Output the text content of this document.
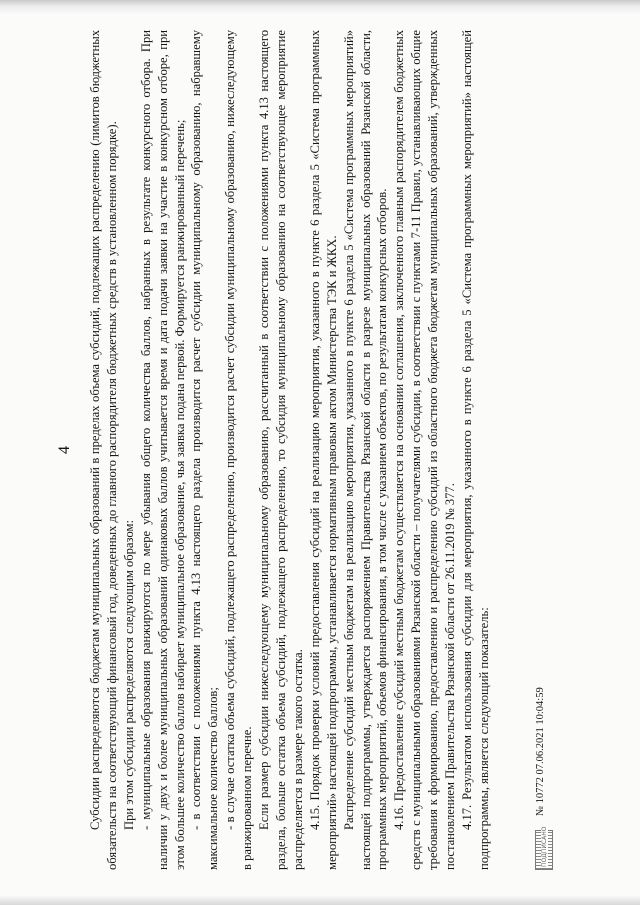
4 Субсидии распределяются бюджетам муниципальных образований в пределах объема субсидий, подлежащих распределению (лимитов бюджетных обязательств на соответствующий финансовый год, доведенных до главного распорядителя бюджетных средств в установленном порядке). При этом субсидии распределяются следующим образом: - муниципальные образования ранжируются по мере убывания общего количества баллов, набранных в результате конкурсного отбора. При наличии у двух и более муниципальных образований одинаковых баллов учитывается время и дата подачи заявки на участие в конкурсном отборе, при этом большее количество баллов набирает муниципальное образование, чья заявка подана первой. Формируется ранжированный перечень; - в соответствии с положениями пункта 4.13 настоящего раздела производится расчет субсидии муниципальному образованию, набравшему максимальное количество баллов; - в случае остатка объема субсидий, подлежащего распределению, производится расчет субсидии муниципальному образованию, нижеследующему в ранжированном перечне. Если размер субсидии нижеследующему муниципальному образованию, рассчитанный в соответствии с положениями пункта 4.13 настоящего раздела, больше остатка объема субсидий, подлежащего распределению, то субсидия муниципальному образованию на соответствующее мероприятие распределяется в размере такого остатка. 4.15. Порядок проверки условий предоставления субсидий на реализацию мероприятия, указанного в пункте 6 раздела 5 «Система программных мероприятий» настоящей подпрограммы, устанавливается нормативным правовым актом Министерства ТЭК и ЖКХ. Распределение субсидий местным бюджетам на реализацию мероприятия, указанного в пункте 6 раздела 5 «Система программных мероприятий» настоящей подпрограммы, утверждается распоряжением Правительства Рязанской области в разрезе муниципальных образований Рязанской области, программных мероприятий, объемов финансирования, в том числе с указанием объектов, по результатам конкурсных отборов. 4.16. Предоставление субсидий местным бюджетам осуществляется на основании соглашения, заключенного главным распорядителем бюджетных средств с муниципальными образованиями Рязанской области – получателями субсидии, в соответствии с пунктами 7-11 Правил, устанавливающих общие требования к формированию, предоставлению и распределению субсидий из областного бюджета бюджетам муниципальных образований, утвержденных постановлением Правительства Рязанской области от 26.11.2019 № 377. 4.17. Результатом использования субсидии для мероприятия, указанного в пункте 6 раздела 5 «Система программных мероприятий» настоящей подпрограммы, является следующий показатель:	ПОДПИСАНО
№ 10772 07.06.2021 10:04:59
